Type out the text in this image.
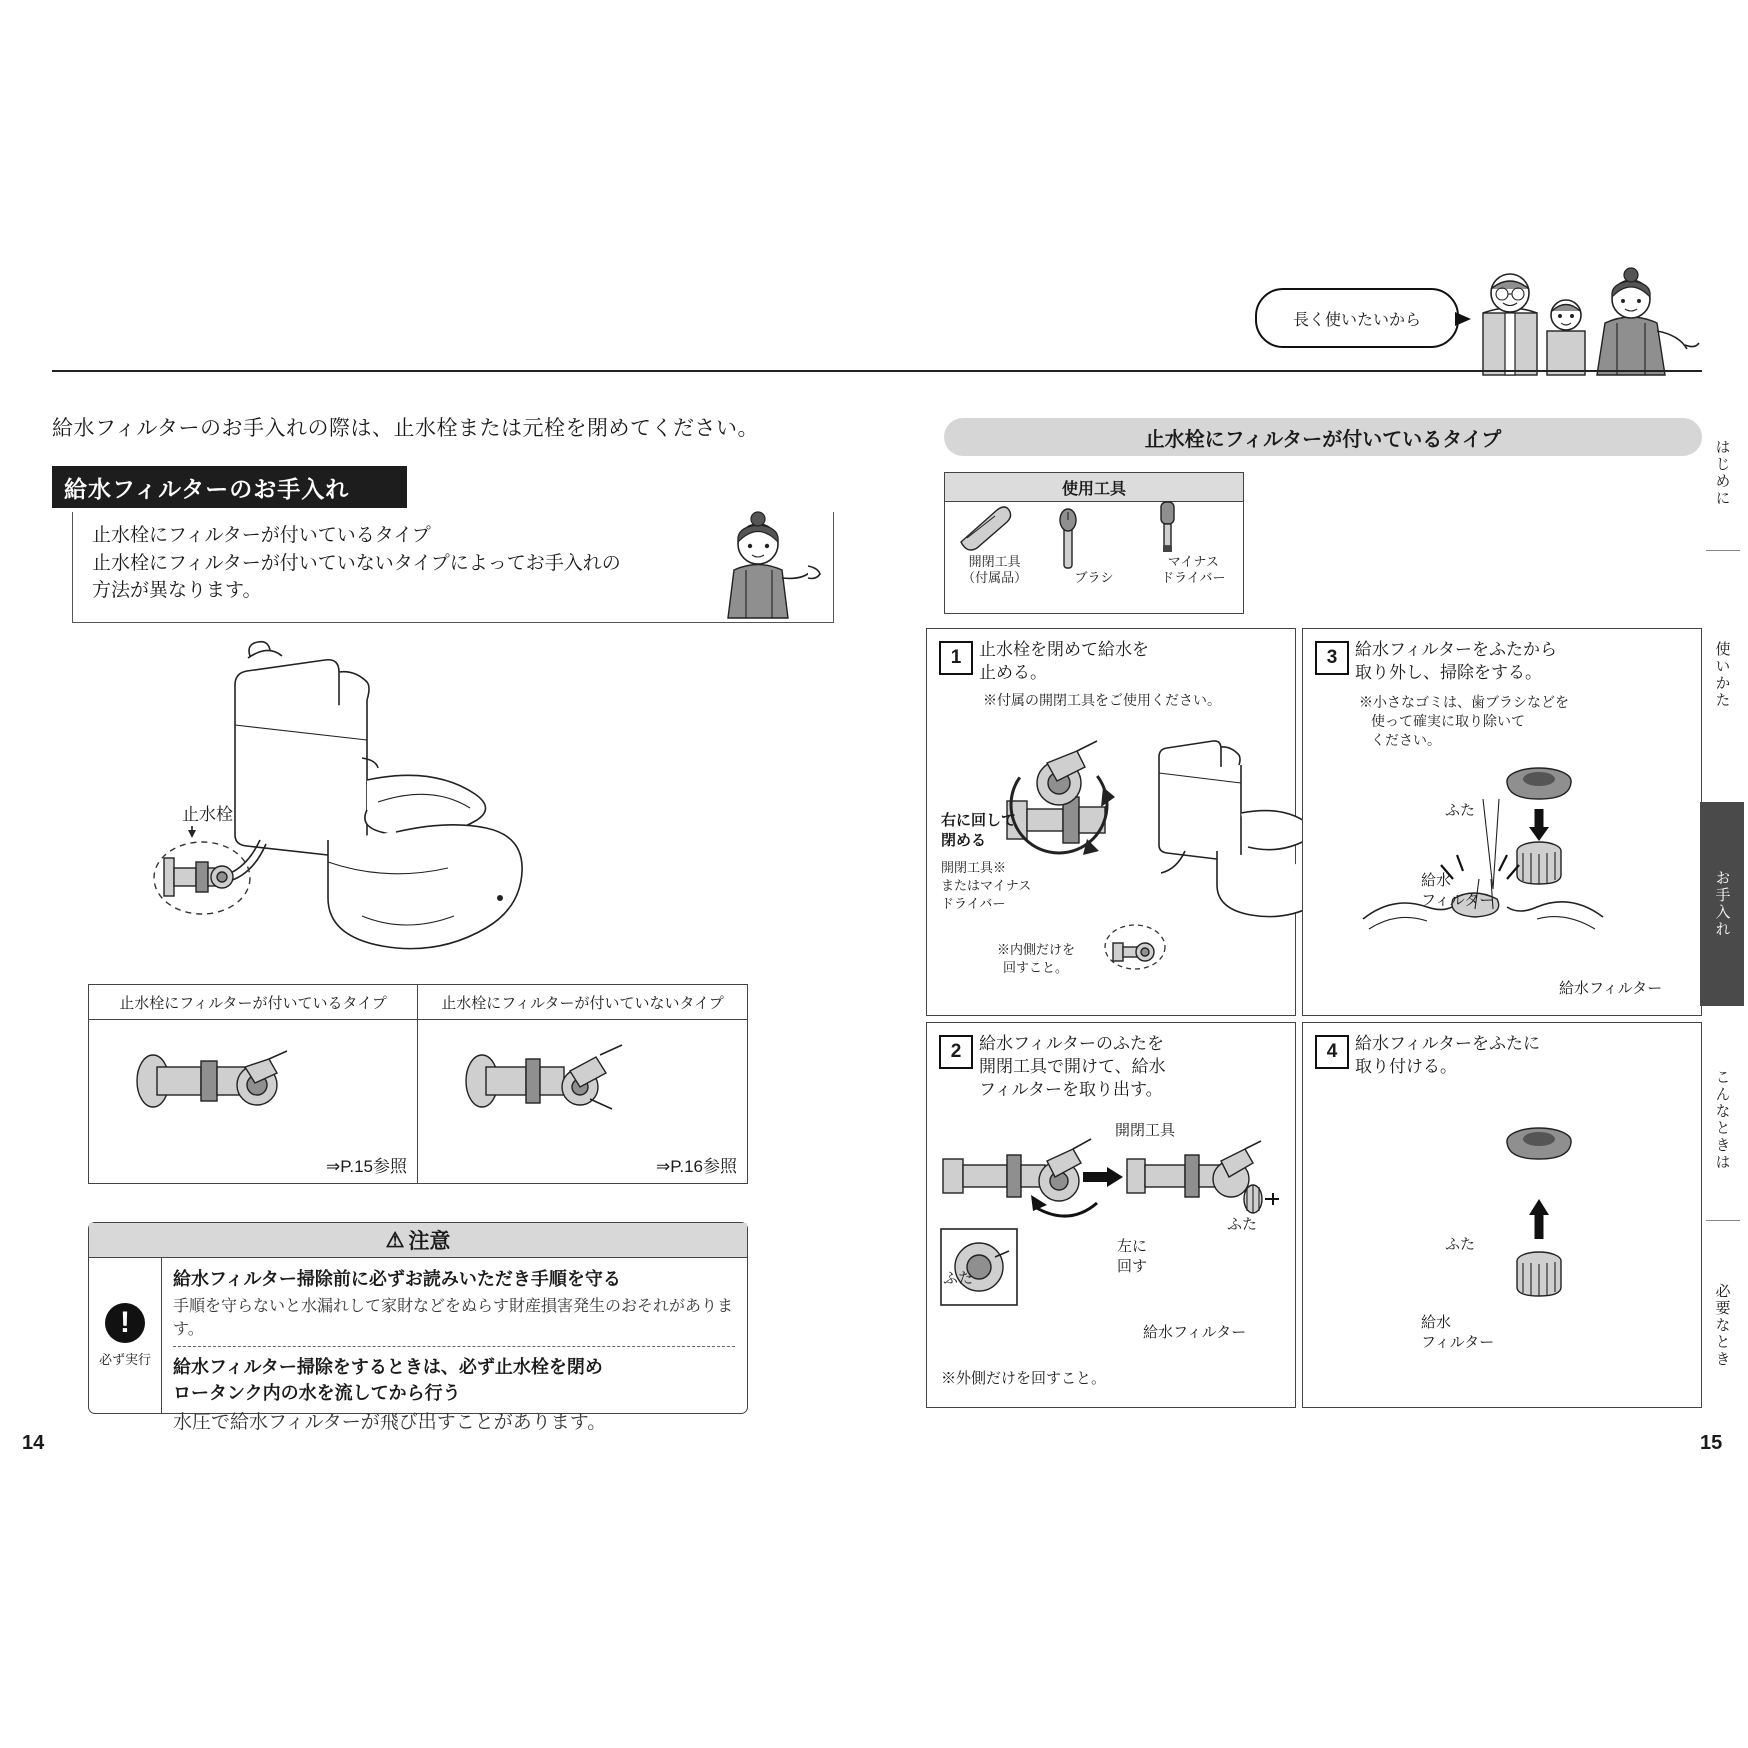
長く使いたいから
給水フィルターのお手入れの際は、止水栓または元栓を閉めてください。
給水フィルターのお手入れ
止水栓にフィルターが付いているタイプ
止水栓にフィルターが付いていないタイプによってお手入れの
方法が異なります。
止水栓
止水栓にフィルターが付いているタイプ
⇒P.15参照
止水栓にフィルターが付いていないタイプ
⇒P.16参照
⚠ 注意
!
必ず実行
給水フィルター掃除前に必ずお読みいただき手順を守る
手順を守らないと水漏れして家財などをぬらす財産損害発生のおそれがあります。
給水フィルター掃除をするときは、必ず止水栓を閉め
ロータンク内の水を流してから行う
水圧で給水フィルターが飛び出すことがあります。
14
止水栓にフィルターが付いているタイプ
使用工具
開閉工具
（付属品）	ブラシ
マイナス
ドライバー
1	止水栓を閉めて給水を
止める。
※付属の開閉工具をご使用ください。
右に回して
閉める
開閉工具※
またはマイナス
ドライバー
※内側だけを
回すこと。
3	給水フィルターをふたから
取り外し、掃除をする。
※小さなゴミは、歯ブラシなどを
使って確実に取り除いて
ください。
ふた
給水
フィルター
給水フィルター
2	給水フィルターのふたを
開閉工具で開けて、給水
フィルターを取り出す。
開閉工具
ふた
ふた
左に
回す
給水フィルター
※外側だけを回すこと。
4	給水フィルターをふたに
取り付ける。
ふた
給水
フィルター
15
はじめに
使いかた
お手入れ
こんなときは
必要なとき
